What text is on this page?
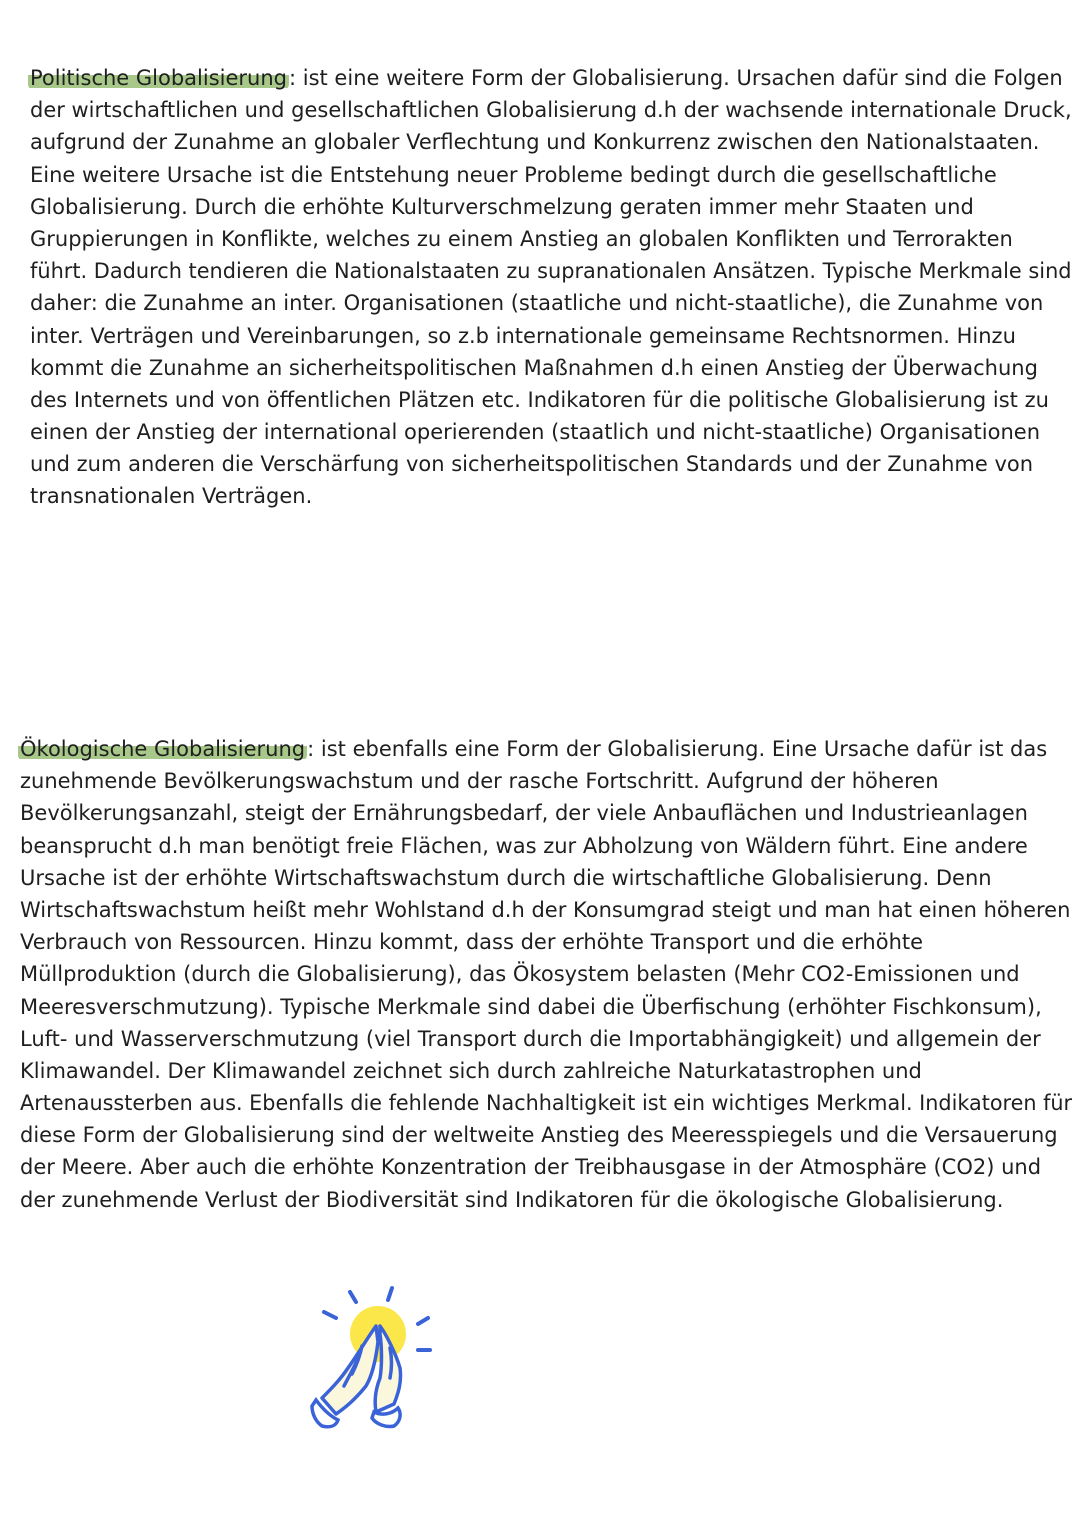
Politische Globalisierung: ist eine weitere Form der Globalisierung. Ursachen dafür sind die Folgen
der wirtschaftlichen und gesellschaftlichen Globalisierung d.h der wachsende internationale Druck,
aufgrund der Zunahme an globaler Verflechtung und Konkurrenz zwischen den Nationalstaaten.
Eine weitere Ursache ist die Entstehung neuer Probleme bedingt durch die gesellschaftliche
Globalisierung. Durch die erhöhte Kulturverschmelzung geraten immer mehr Staaten und
Gruppierungen in Konflikte, welches zu einem Anstieg an globalen Konflikten und Terrorakten
führt. Dadurch tendieren die Nationalstaaten zu supranationalen Ansätzen. Typische Merkmale sind
daher: die Zunahme an inter. Organisationen (staatliche und nicht-staatliche), die Zunahme von
inter. Verträgen und Vereinbarungen, so z.b internationale gemeinsame Rechtsnormen. Hinzu
kommt die Zunahme an sicherheitspolitischen Maßnahmen d.h einen Anstieg der Überwachung
des Internets und von öffentlichen Plätzen etc. Indikatoren für die politische Globalisierung ist zu
einen der Anstieg der international operierenden (staatlich und nicht-staatliche) Organisationen
und zum anderen die Verschärfung von sicherheitspolitischen Standards und der Zunahme von
transnationalen Verträgen.
Ökologische Globalisierung: ist ebenfalls eine Form der Globalisierung. Eine Ursache dafür ist das
zunehmende Bevölkerungswachstum und der rasche Fortschritt. Aufgrund der höheren
Bevölkerungsanzahl, steigt der Ernährungsbedarf, der viele Anbauflächen und Industrieanlagen
beansprucht d.h man benötigt freie Flächen, was zur Abholzung von Wäldern führt. Eine andere
Ursache ist der erhöhte Wirtschaftswachstum durch die wirtschaftliche Globalisierung. Denn
Wirtschaftswachstum heißt mehr Wohlstand d.h der Konsumgrad steigt und man hat einen höheren
Verbrauch von Ressourcen. Hinzu kommt, dass der erhöhte Transport und die erhöhte
Müllproduktion (durch die Globalisierung), das Ökosystem belasten (Mehr CO2-Emissionen und
Meeresverschmutzung). Typische Merkmale sind dabei die Überfischung (erhöhter Fischkonsum),
Luft- und Wasserverschmutzung (viel Transport durch die Importabhängigkeit) und allgemein der
Klimawandel. Der Klimawandel zeichnet sich durch zahlreiche Naturkatastrophen und
Artenaussterben aus. Ebenfalls die fehlende Nachhaltigkeit ist ein wichtiges Merkmal. Indikatoren für
diese Form der Globalisierung sind der weltweite Anstieg des Meeresspiegels und die Versauerung
der Meere. Aber auch die erhöhte Konzentration der Treibhausgase in der Atmosphäre (CO2) und
der zunehmende Verlust der Biodiversität sind Indikatoren für die ökologische Globalisierung.
